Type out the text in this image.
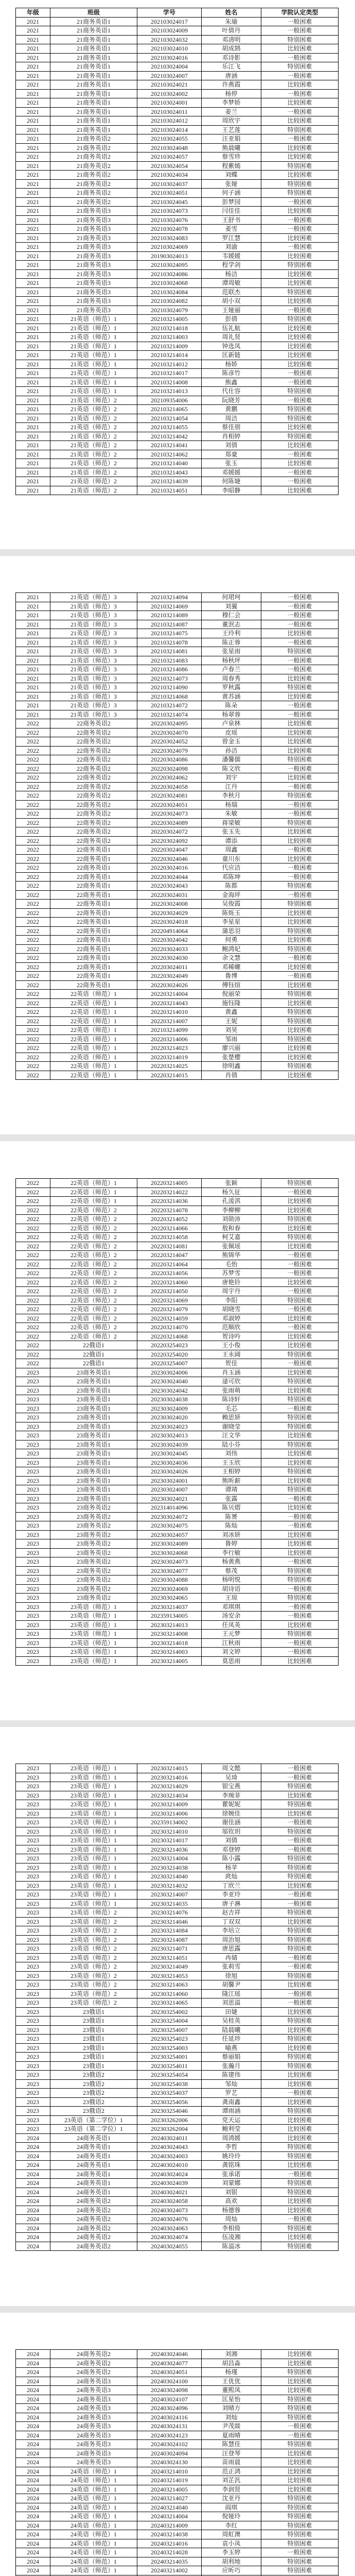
年级	班级	学号	姓名	学院认定类型
2021	21商务英语1	202103024017	朱瑜	一般困难
2021	21商务英语1	202103024009	叶倩丹	一般困难
2021	21商务英语1	202103024032	邓清明	特别困难
2021	21商务英语1	202103024010	胡成鹄	比较困难
2021	21商务英语1	202103024016	邓诗影	一般困难
2021	21商务英语1	202103024004	乐江飞	特别困难
2021	21商务英语1	202103024007	唐涵	一般困难
2021	21商务英语1	202103024021	许燕霞	比较困难
2021	21商务英语1	202103024002	杨停	一般困难
2021	21商务英语1	202103024001	李梦娇	比较困难
2021	21商务英语1	202103024011	姜兰	一般困难
2021	21商务英语1	202103024012	周欣宇	比较困难
2021	21商务英语1	202103024014	王艺莲	特别困难
2021	21商务英语2	202103024055	汪亚娟	一般困难
2021	21商务英语2	202103024048	熊晨曦	比较困难
2021	21商务英语2	202103024057	蔡雪珍	比较困难
2021	21商务英语2	202103024054	程紫嫣	特别困难
2021	21商务英语2	202103024034	刘蝶	比较困难
2021	21商务英语2	202103024037	张娅	特别困难
2021	21商务英语2	202103024051	何子涵	特别困难
2021	21商务英语2	202103024045	彭梦园	一般困难
2021	21商务英语3	202103024073	闫佳佳	比较困难
2021	21商务英语3	202103024076	王舒书	一般困难
2021	21商务英语3	202103024078	姜雪	一般困难
2021	21商务英语3	202103024083	罗江慧	比较困难
2021	21商务英语3	202103024069	刘渝	一般困难
2021	21商务英语3	201903024013	韦媛媛	比较困难
2021	21商务英语3	202103024095	程学剑	特别困难
2021	21商务英语3	202103024086	杨洁	比较困难
2021	21商务英语3	202103024068	谭周敏	比较困难
2021	21商务英语3	202103024084	范联杰	特别困难
2021	21商务英语3	202103024082	胡小双	比较困难
2021	21商务英语3	202103024079	王娅丽	一般困难
2021	21英语（师范）1	202103214005	彭倩	特别困难
2021	21英语（师范）1	202103214018	伍礼航	比较困难
2021	21英语（师范）1	202103214003	周礼贤	比较困难
2021	21英语（师范）1	202103214009	钟选凤	比较困难
2021	21英语（师范）1	202103214014	匡新链	比较困难
2021	21英语（师范）1	202103214012	杨娇	比较困难
2021	21英语（师范）1	202103214017	陈彦竹	一般困难
2021	21英语（师范）1	202103214008	熊鑫	一般困难
2021	21英语（师范）1	202103214013	代仕容	特别困难
2021	21英语（师范）2	202109354006	阮晓芳	一般困难
2021	21英语（师范）2	202103214065	黄鹏	特别困难
2021	21英语（师范）2	202103214054	周洁	特别困难
2021	21英语（师范）2	202103214055	蔡佳朋	比较困难
2021	21英语（师范）2	202103214042	肖相婷	特别困难
2021	21英语（师范）2	202103214041	刘倩	比较困难
2021	21英语（师范）2	202103214062	郑豪	一般困难
2021	21英语（师范）2	202103214040	张玉	比较困难
2021	21英语（师范）2	202103214043	邓媛媛	一般困难
2021	21英语（师范）2	202103214039	何陈婕	一般困难
2021	21英语（师范）2	202103214051	李昭静	比较困难
2021	21英语（师范）3	202103214094	何珺珂	一般困难
2021	21英语（师范）3	202103214069	刘翼	一般困难
2021	21英语（师范）3	202103214089	穆仁会	一般困难
2021	21英语（师范）3	202103214087	董泯志	一般困难
2021	21英语（师范）3	202103214075	王玲利	比较困难
2021	21英语（师范）3	202103214078	陈正蓉	一般困难
2021	21英语（师范）3	202103214081	张星雨	特别困难
2021	21英语（师范）3	202103214083	杨秋坪	一般困难
2021	21英语（师范）3	202103214086	卢春兰	一般困难
2021	21英语（师范）3	202103214073	周春秀	比较困难
2021	21英语（师范）3	202103214090	罗秋露	特别困难
2021	21英语（师范）3	202103214068	黄苏涵	比较困难
2021	21英语（师范）3	202103214072	陈朵	一般困难
2021	21英语（师范）3	202103214074	杨翠蓉	一般困难
2022	22商务英语2	202203024095	卢泉林	比较困难
2022	22商务英语2	202203024070	皮瑶	比较困难
2022	22商务英语2	202203024052	曾金玉	比较困难
2022	22商务英语2	202203024079	孙洁	比较困难
2022	22商务英语2	202203024086	潘馨儒	特别困难
2022	22商务英语2	202203024098	陈文欣	一般困难
2022	22商务英语2	202203024062	刘宇	比较困难
2022	22商务英语2	202203024058	江丹	一般困难
2022	22商务英语2	202203024081	李秋月	特别困难
2022	22商务英语2	202203024051	杨瑞	一般困难
2022	22商务英语2	202203024073	朱敏	一般困难
2022	22商务英语2	202203024089	蒋梁敏	特别困难
2022	22商务英语2	202203024072	张玉先	比较困难
2022	22商务英语2	202203024092	谭添	比较困难
2022	22商务英语1	202203024047	周鑫	一般困难
2022	22商务英语1	202203024046	童川东	比较困难
2022	22商务英语1	202203024016	代应洁	一般困难
2022	22商务英语1	202203024044	邓陈坤	一般困难
2022	22商务英语1	202203024043	陈都	特别困难
2022	22商务英语1	202203024031	金海坪	一般困难
2022	22商务英语1	202203024008	吴俊霞	特别困难
2022	22商务英语1	202203024029	陈烁玉	比较困难
2022	22商务英语1	202203024018	李星星	比较困难
2022	22商务英语1	202204914064	蒲思羽	特别困难
2022	22商务英语1	202203024042	何勇	比较困难
2022	22商务英语1	202203024033	鲍鸿妃	特别困难
2022	22商务英语1	202203024030	余文慧	一般困难
2022	22商务英语1	202203024011	邓稀螺	比较困难
2022	22商务英语1	202203024049	鲁博	一般困难
2022	22商务英语1	202203024026	傅钰煊	比较困难
2022	22英语（师范）1	202203214004	倪丽荣	特别困难
2022	22英语（师范）1	202203214043	施钰隆	比较困难
2022	22英语（师范）1	202203214010	黄鑫	特别困难
2022	22英语（师范）1	202203214007	王妮	特别困难
2022	22英语（师范）1	202103214099	刘昊	比较困难
2022	22英语（师范）1	202203214006	邹雨	特别困难
2022	22英语（师范）1	202203214023	廖兴丽	比较困难
2022	22英语（师范）1	202203214019	张楚樱	比较困难
2022	22英语（师范）1	202203214025	徐明鑫	特别困难
2022	22英语（师范）1	202203214015	肖倩	比较困难
2022	22英语（师范）1	202203214005	张颖	特别困难
2022	22英语（师范）1	202203214022	杨久征	一般困难
2022	22英语（师范）1	202203214036	孔湲淇	比较困难
2022	22英语（师范）2	202203214078	李柳柳	比较困难
2022	22英语（师范）2	202203214052	刘勋沛	特别困难
2022	22英语（师范）2	202203214066	敖和春	比较困难
2022	22英语（师范）2	202203214058	柯艾嘉	特别困难
2022	22英语（师范）2	202203214081	张佩瑶	比较困难
2022	22英语（师范）2	202203214047	熊锦华	一般困难
2022	22英语（师范）2	202203214064	毛怡	一般困难
2022	22英语（师范）2	202203214056	苏梦雪	一般困难
2022	22英语（师范）2	202203214060	唐艳铃	比较困难
2022	22英语（师范）2	202203214050	周宇丹	一般困难
2022	22英语（师范）2	202203214069	李阳	特别困难
2022	22英语（师范）2	202203214079	胡晓雪	一般困难
2022	22英语（师范）2	202203214059	邓淑婷	比较困难
2022	22英语（师范）2	202203214070	范顺欣	一般困难
2022	22英语（师范）2	202203214068	贺诗吟	比较困难
2022	22俄语1	202203254023	王小俊	比较困难
2022	22俄语1	202203254020	王永阔	特别困难
2022	22俄语1	202203254007	贺佳	一般困难
2023	23商务英语1	202303024006	肖玉涵	比较困难
2023	23商务英语1	202303024040	逯可欣	特别困难
2023	23商务英语1	202303024042	张雨萌	比较困难
2023	23商务英语1	202303024038	陈诗轩	特别困难
2023	23商务英语1	202303024009	毛芯	一般困难
2023	23商务英语1	202303024020	赖思妍	特别困难
2023	23商务英语1	202303024023	谢晓莹	特别困难
2023	23商务英语1	202303024013	汪文华	比较困难
2023	23商务英语1	202303024039	陆小芬	特别困难
2023	23商务英语1	202303024045	刘伟	比较困难
2023	23商务英语1	202303024036	王玉欣	比较困难
2023	23商务英语1	202303024026	王相婷	特别困难
2023	23商务英语1	202303024001	熊昕薪	比较困难
2023	23商务英语1	202303024007	谭靖	特别困难
2023	23商务英语1	202303024021	张露	一般困难
2023	23商务英语2	202314014096	陈贝熠	比较困难
2023	23商务英语2	202303024072	陈赟	一般困难
2023	23商务英语2	202303024075	陈灿	一般困难
2023	23商务英语2	202303024057	刘冰妍	比较困难
2023	23商务英语2	202303024089	鲁婷	比较困难
2023	23商务英语2	202303024068	李行敏	比较困难
2023	23商务英语2	202303024073	杨黄燕	一般困难
2023	23商务英语2	202303024077	蔡茂	特别困难
2023	23商务英语2	202303024088	杨明悦	特别困难
2023	23商务英语2	202303024069	胡诗语	一般困难
2023	23商务英语2	202303024065	王琼	特别困难
2023	23英语（师范）1	202303214037	邓琪琪	一般困难
2023	23英语（师范）1	202359134005	汤安余	一般困难
2023	23英语（师范）1	202303214013	任凤英	比较困难
2023	23英语（师范）1	202303214008	王元梦	特别困难
2023	23英语（师范）1	202303214018	江秋雨	一般困难
2023	23英语（师范）1	202303214003	刘文婷	一般困难
2023	23英语（师范）1	202303214005	莫思雨	比较困难
2023	23英语（师范）1	202303214015	周文懿	一般困难
2023	23英语（师范）1	202303214016	吴琦	一般困难
2023	23英语（师范）1	202303214029	银宝燕	特别困难
2023	23英语（师范）1	202303214034	李琬菲	比较困难
2023	23英语（师范）1	202303214009	瞿妮妮	特别困难
2023	23英语（师范）1	202303214006	徐婉佳	比较困难
2023	23英语（师范）1	202359134002	谢佳涵	一般困难
2023	23英语（师范）1	202303214010	邬钦玥	特别困难
2023	23英语（师范）1	202303214017	刘倩	一般困难
2023	23英语（师范）1	202303214036	邓登婷	一般困难
2023	23英语（师范）1	202303214004	陈小露	特别困难
2023	23英语（师范）1	202303214038	杨苹	特别困难
2023	23英语（师范）1	202303214040	庹灿	特别困难
2023	23英语（师范）1	202303214032	丁欣兰	比较困难
2023	23英语（师范）1	202303214007	李亚玲	一般困难
2023	23英语（师范）1	202303214035	唐子淋	一般困难
2023	23英语（师范）2	202303214076	赵吉祥	特别困难
2023	23英语（师范）2	202303214046	丁双双	比较困难
2023	23英语（师范）2	202303214084	李培立	特别困难
2023	23英语（师范）2	202303214087	周治旭	特别困难
2023	23英语（师范）2	202303214071	唐思露	特别困难
2023	23英语（师范）2	202303214051	冉婧	一般困难
2023	23英语（师范）2	202303214049	张莉雪	一般困难
2023	23英语（师范）2	202303214053	徐旭	特别困难
2023	23英语（师范）2	202303214063	胡馨尹	比较困难
2023	23英语（师范）2	202303214060	隆江瑶	一般困难
2023	23英语（师范）2	202303214065	刘思溢	一般困难
2023	23俄语1	202303254002	田婕	比较困难
2023	23俄语1	202303254004	吴桂英	特别困难
2023	23俄语1	202303254007	陆晨曦	比较困难
2023	23俄语1	202303254023	任延珍	特别困难
2023	23俄语1	202303254003	喻燕	比较困难
2023	23俄语1	202303254001	蔡丽娟	特别困难
2023	23俄语1	202303254011	张瀚月	特别困难
2023	23俄语2	202303254054	陈建伟	比较困难
2023	23俄语2	202303254038	邹灿	比较困难
2023	23俄语2	202303254037	罗艺	一般困难
2023	23俄语2	202303254056	龚南鑫	比较困难
2023	23俄语2	202303254046	谭雨涵	特别困难
2023	23英语（第二学位）1	202303262006	党天运	比较困难
2023	23英语（第二学位）1	202303262004	鲍利莹	比较困难
2024	24商务英语1	202403024011	周鸿媛	比较困难
2024	24商务英语1	202403024043	李哲	特别困难
2024	24商务英语1	202403024003	姚玲玲	特别困难
2024	24商务英语1	202403024010	龚铭珠	比较困难
2024	24商务英语1	202403024024	张承诺	一般困难
2024	24商务英语1	202403024039	刘蒙娜	特别困难
2024	24商务英语1	202403024021	刘银	特别困难
2024	24商务英语2	202403024058	高欢	比较困难
2024	24商务英语2	202403024073	杨德蓉	比较困难
2024	24商务英语2	202403024076	周灿	一般困难
2024	24商务英语2	202403024063	李相倚	特别困难
2024	24商务英语2	202403024074	伍凌湘	比较困难
2024	24商务英语2	202403024055	陈溢冰	特别困难
2024	24商务英语2	202403024046	刘湘	比较困难
2024	24商务英语2	202403024077	胡昌淼	比较困难
2024	24商务英语2	202403024051	杨瑾	特别困难
2024	24商务英语3	202403024100	王优优	比较困难
2024	24商务英语3	202403024098	董熙凤	比较困难
2024	24商务英语3	202403024107	匡星怡	特别困难
2024	24商务英语3	202403024096	刘晴方	特别困难
2024	24商务英语3	202403024116	刘灿	特别困难
2024	24商务英语3	202403024131	尹茂燚	一般困难
2024	24商务英语3	202403024123	夏雨晴	一般困难
2024	24商务英语3	202403024102	陈慧佳	特别困难
2024	24商务英语3	202403024094	汪登琴	比较困难
2024	24商务英语3	202403024130	苗雨晨	比较困难
2024	24英语（师范）1	202403214010	范正鸿	比较困难
2024	24英语（师范）1	202403214019	刘芷汎	比较困难
2024	24英语（师范）1	202403214005	李润贤	比较困难
2024	24英语（师范）1	202403214027	沈亚丹	特别困难
2024	24英语（师范）1	202403214040	阎琪	特别困难
2024	24英语（师范）1	202403214004	倪娅玲	特别困难
2024	24英语（师范）1	202403214009	李红	特别困难
2024	24英语（师范）1	202403214038	周虹澳	特别困难
2024	24英语（师范）1	202403214016	袁小凤	特别困难
2024	24英语（师范）1	202403214028	李玉婷	一般困难
2024	24英语（师范）1	202403214035	胡利地	特别困难
2024	24英语（师范）1	202403214002	应昕巧	特别困难
